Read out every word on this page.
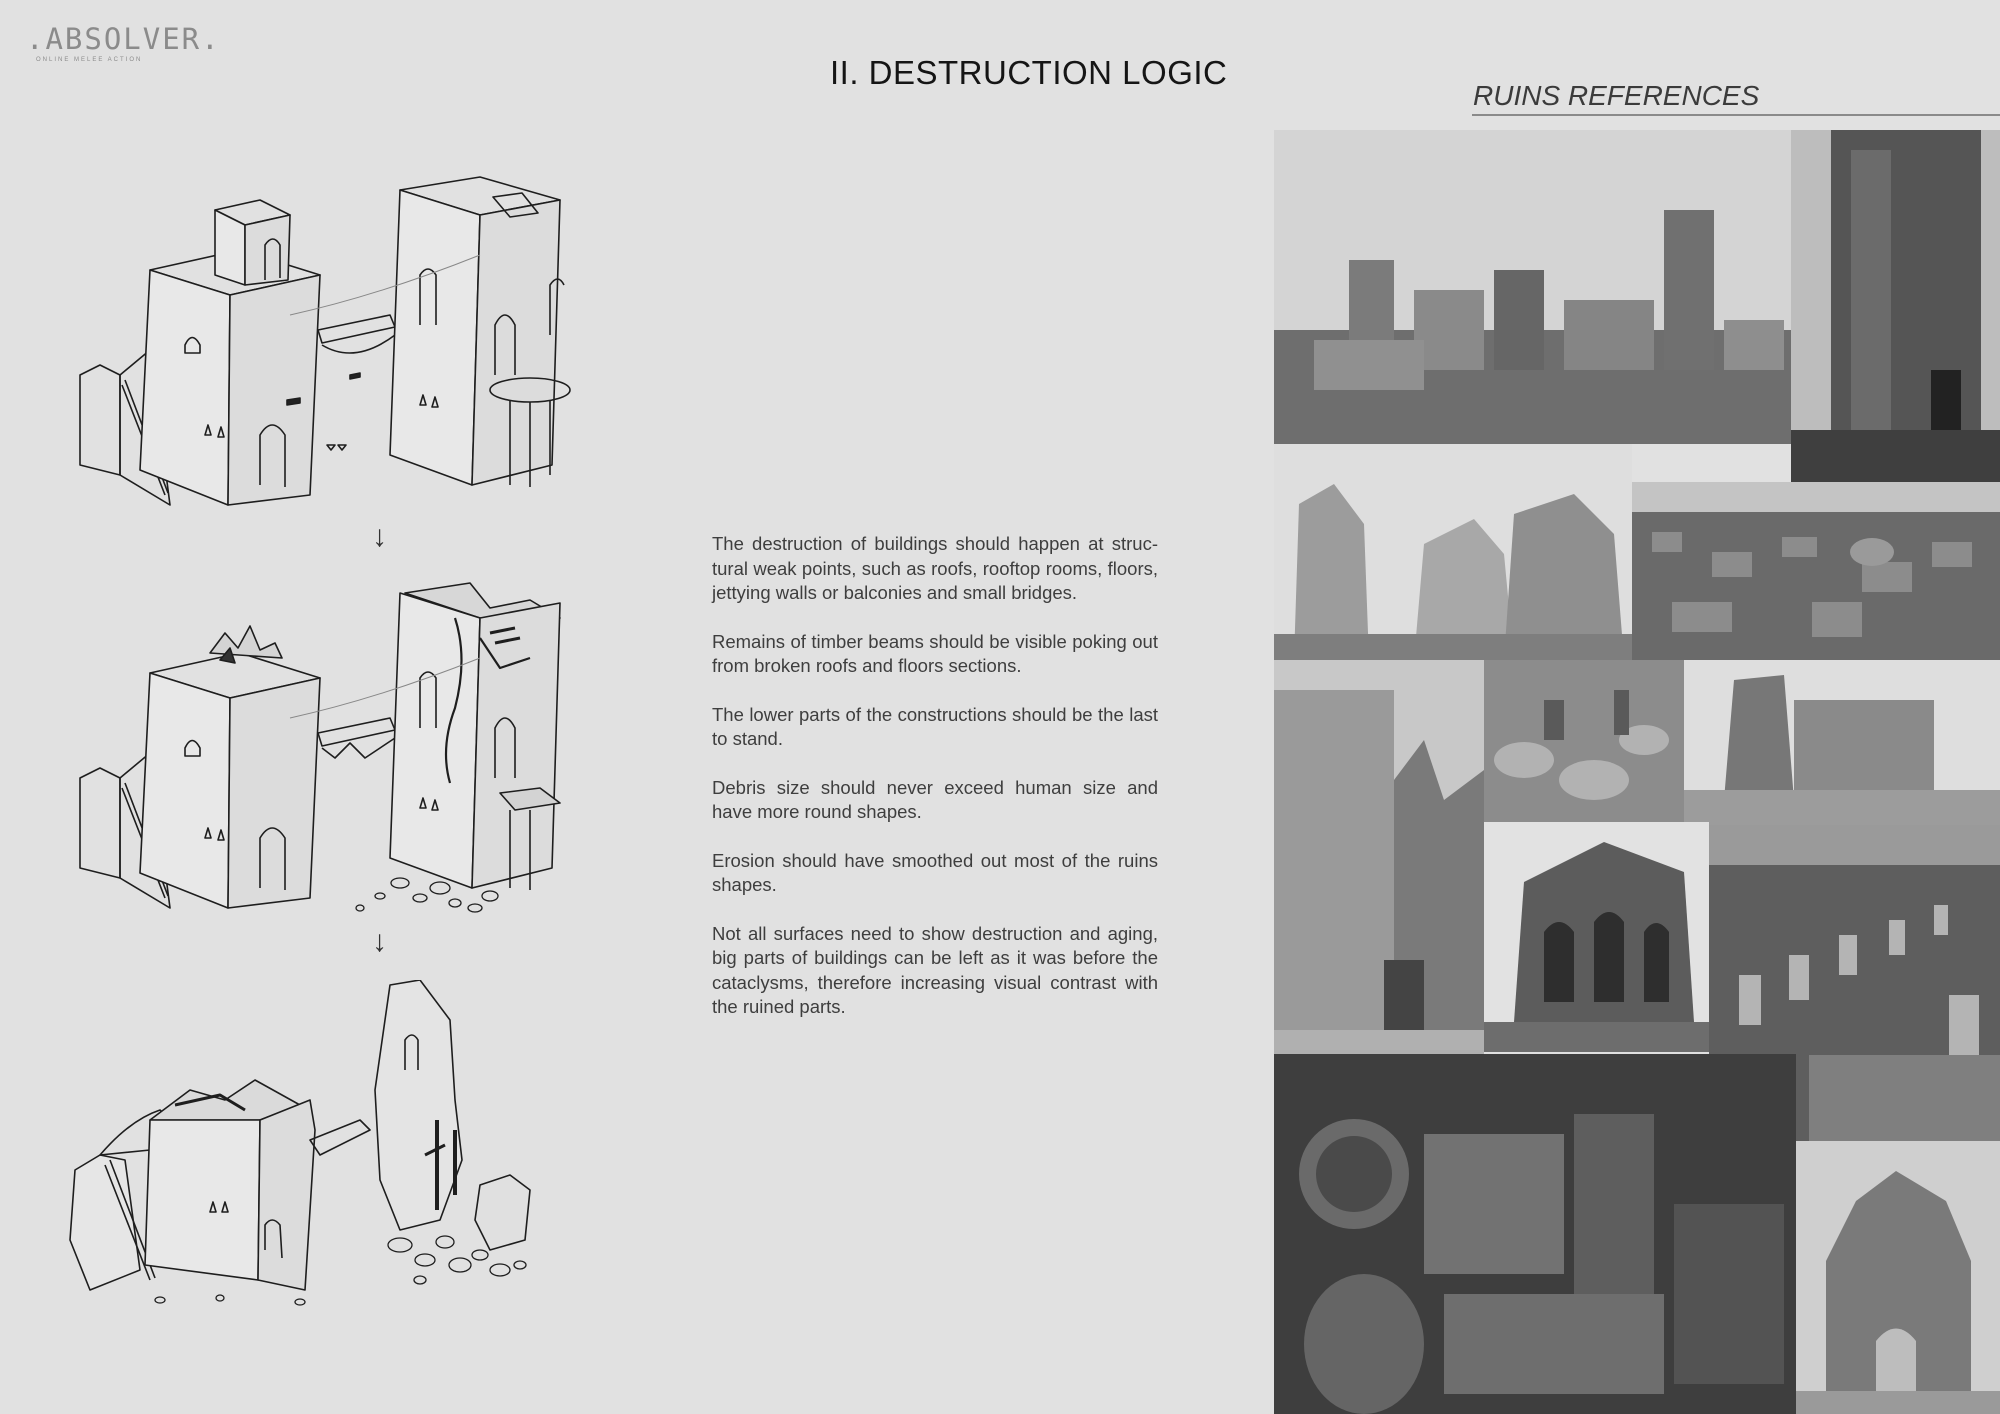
.ABSOLVER.
ONLINE MELEE ACTION	II. DESTRUCTION LOGIC
RUINS REFERENCES
↓
↓

The destruction of buildings should happen at struc-tural weak points, such as roofs, rooftop rooms, floors, jettying walls or balconies and small bridges.

Remains of timber beams should be visible poking out from broken roofs and floors sections.

The lower parts of the constructions should be the last to stand.

Debris size should never exceed human size and have more round shapes.

Erosion should have smoothed out most of the ruins shapes.

Not all surfaces need to show destruction and aging, big parts of buildings can be left as it was before the cataclysms, therefore increasing visual contrast with the ruined parts.
